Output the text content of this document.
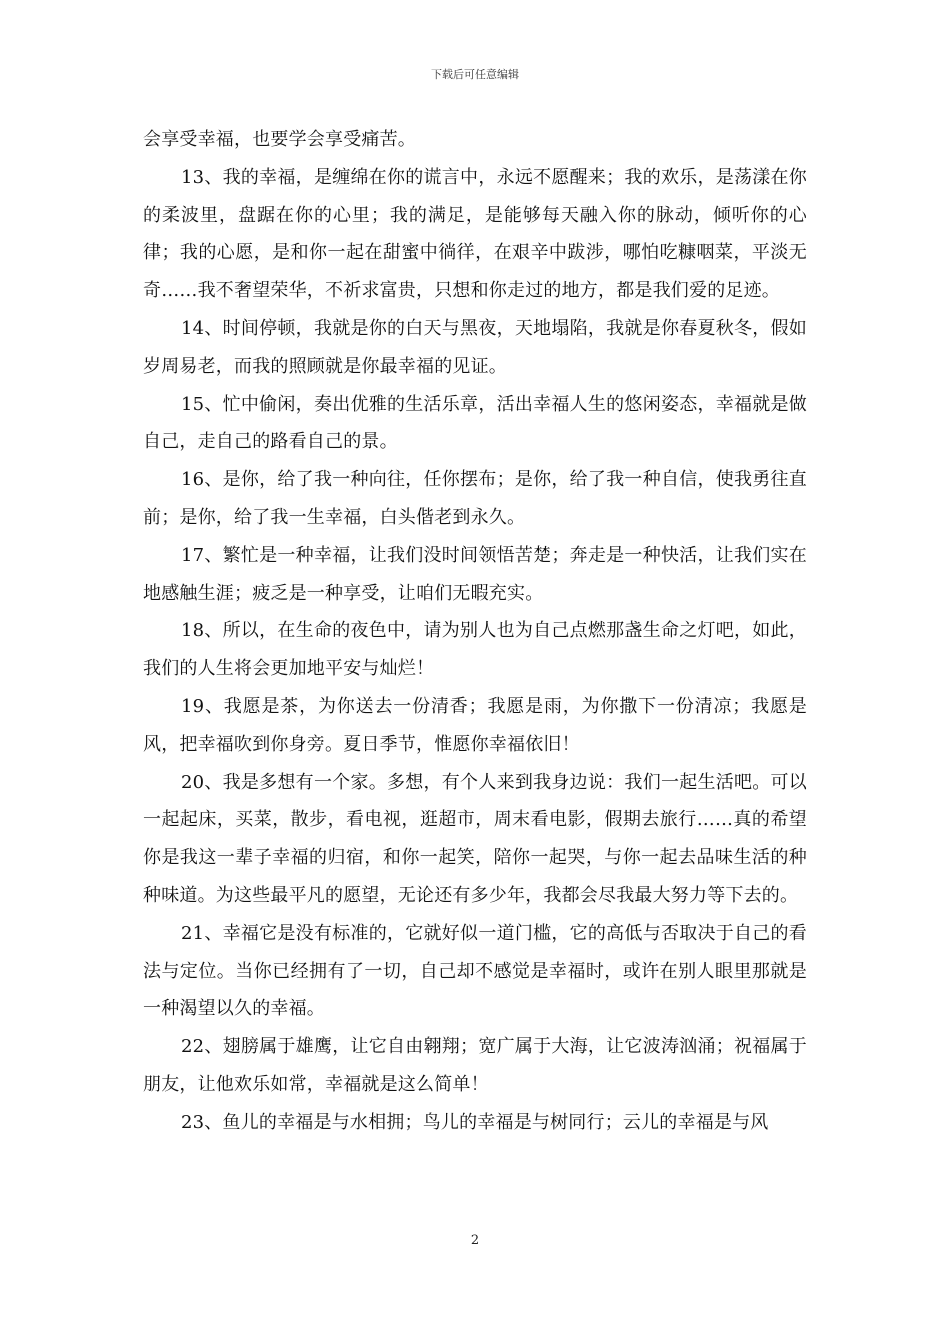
下载后可任意编辑

会享受幸福，也要学会享受痛苦。

13、我的幸福，是缠绵在你的谎言中，永远不愿醒来；我的欢乐，是荡漾在你的柔波里，盘踞在你的心里；我的满足，是能够每天融入你的脉动，倾听你的心律；我的心愿，是和你一起在甜蜜中徜徉，在艰辛中跋涉，哪怕吃糠咽菜，平淡无奇……我不奢望荣华，不祈求富贵，只想和你走过的地方，都是我们爱的足迹。

14、时间停顿，我就是你的白天与黑夜，天地塌陷，我就是你春夏秋冬，假如岁周易老，而我的照顾就是你最幸福的见证。

15、忙中偷闲，奏出优雅的生活乐章，活出幸福人生的悠闲姿态，幸福就是做自己，走自己的路看自己的景。

16、是你，给了我一种向往，任你摆布；是你，给了我一种自信，使我勇往直前；是你，给了我一生幸福，白头偕老到永久。

17、繁忙是一种幸福，让我们没时间领悟苦楚；奔走是一种快活，让我们实在地感触生涯；疲乏是一种享受，让咱们无暇充实。

18、所以，在生命的夜色中，请为别人也为自己点燃那盏生命之灯吧，如此，我们的人生将会更加地平安与灿烂！

19、我愿是茶，为你送去一份清香；我愿是雨，为你撒下一份清凉；我愿是风，把幸福吹到你身旁。夏日季节，惟愿你幸福依旧！

20、我是多想有一个家。多想，有个人来到我身边说：我们一起生活吧。可以一起起床，买菜，散步，看电视，逛超市，周末看电影，假期去旅行……真的希望你是我这一辈子幸福的归宿，和你一起笑，陪你一起哭，与你一起去品味生活的种种味道。为这些最平凡的愿望，无论还有多少年，我都会尽我最大努力等下去的。

21、幸福它是没有标准的，它就好似一道门槛，它的高低与否取决于自己的看法与定位。当你已经拥有了一切，自己却不感觉是幸福时，或许在别人眼里那就是一种渴望以久的幸福。

22、翅膀属于雄鹰，让它自由翱翔；宽广属于大海，让它波涛汹涌；祝福属于朋友，让他欢乐如常，幸福就是这么简单！

23、鱼儿的幸福是与水相拥；鸟儿的幸福是与树同行；云儿的幸福是与风

2
